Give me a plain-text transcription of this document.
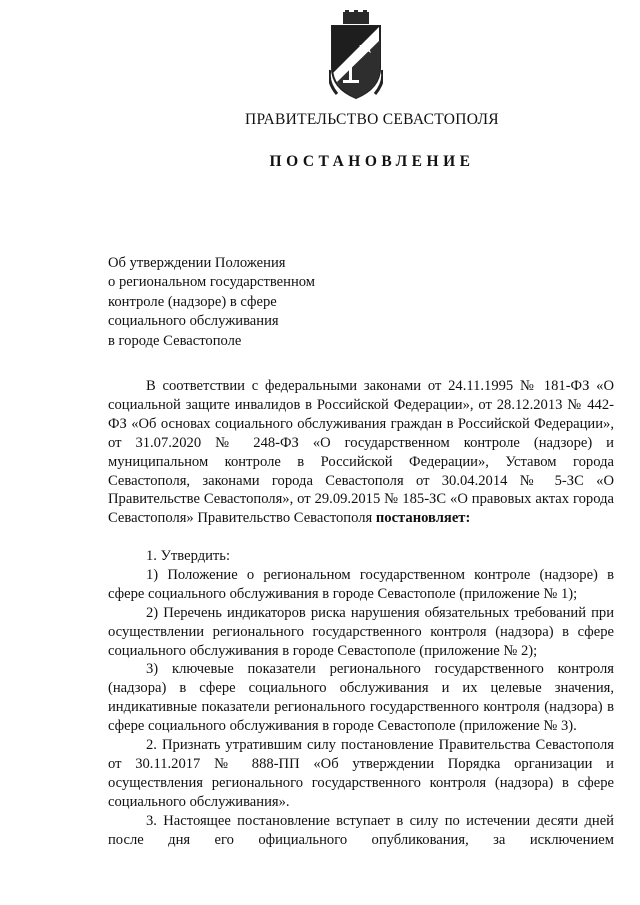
ПРАВИТЕЛЬСТВО СЕВАСТОПОЛЯ
ПОСТАНОВЛЕНИЕ
Об утверждении Положения
о региональном государственном
контроле (надзоре) в сфере
социального обслуживания
в городе Севастополе

В соответствии с федеральными законами от 24.11.1995 № 181-ФЗ «О социальной защите инвалидов в Российской Федерации», от 28.12.2013 № 442-ФЗ «Об основах социального обслуживания граждан в Российской Федерации», от 31.07.2020 № 248-ФЗ «О государственном контроле (надзоре) и муниципальном контроле в Российской Федерации», Уставом города Севастополя, законами города Севастополя от 30.04.2014 № 5-ЗС «О Правительстве Севастополя», от 29.09.2015 № 185-ЗС «О правовых актах города Севастополя» Правительство Севастополя постановляет:

1. Утвердить:

1) Положение о региональном государственном контроле (надзоре) в сфере социального обслуживания в городе Севастополе (приложение № 1);

2) Перечень индикаторов риска нарушения обязательных требований при осуществлении регионального государственного контроля (надзора) в сфере социального обслуживания в городе Севастополе (приложение № 2);

3) ключевые показатели регионального государственного контроля (надзора) в сфере социального обслуживания и их целевые значения, индикативные показатели регионального государственного контроля (надзора) в сфере социального обслуживания в городе Севастополе (приложение № 3).

2. Признать утратившим силу постановление Правительства Севастополя от 30.11.2017 № 888-ПП «Об утверждении Порядка организации и осуществления регионального государственного контроля (надзора) в сфере социального обслуживания».

3. Настоящее постановление вступает в силу по истечении десяти дней после дня его официального опубликования, за исключением
